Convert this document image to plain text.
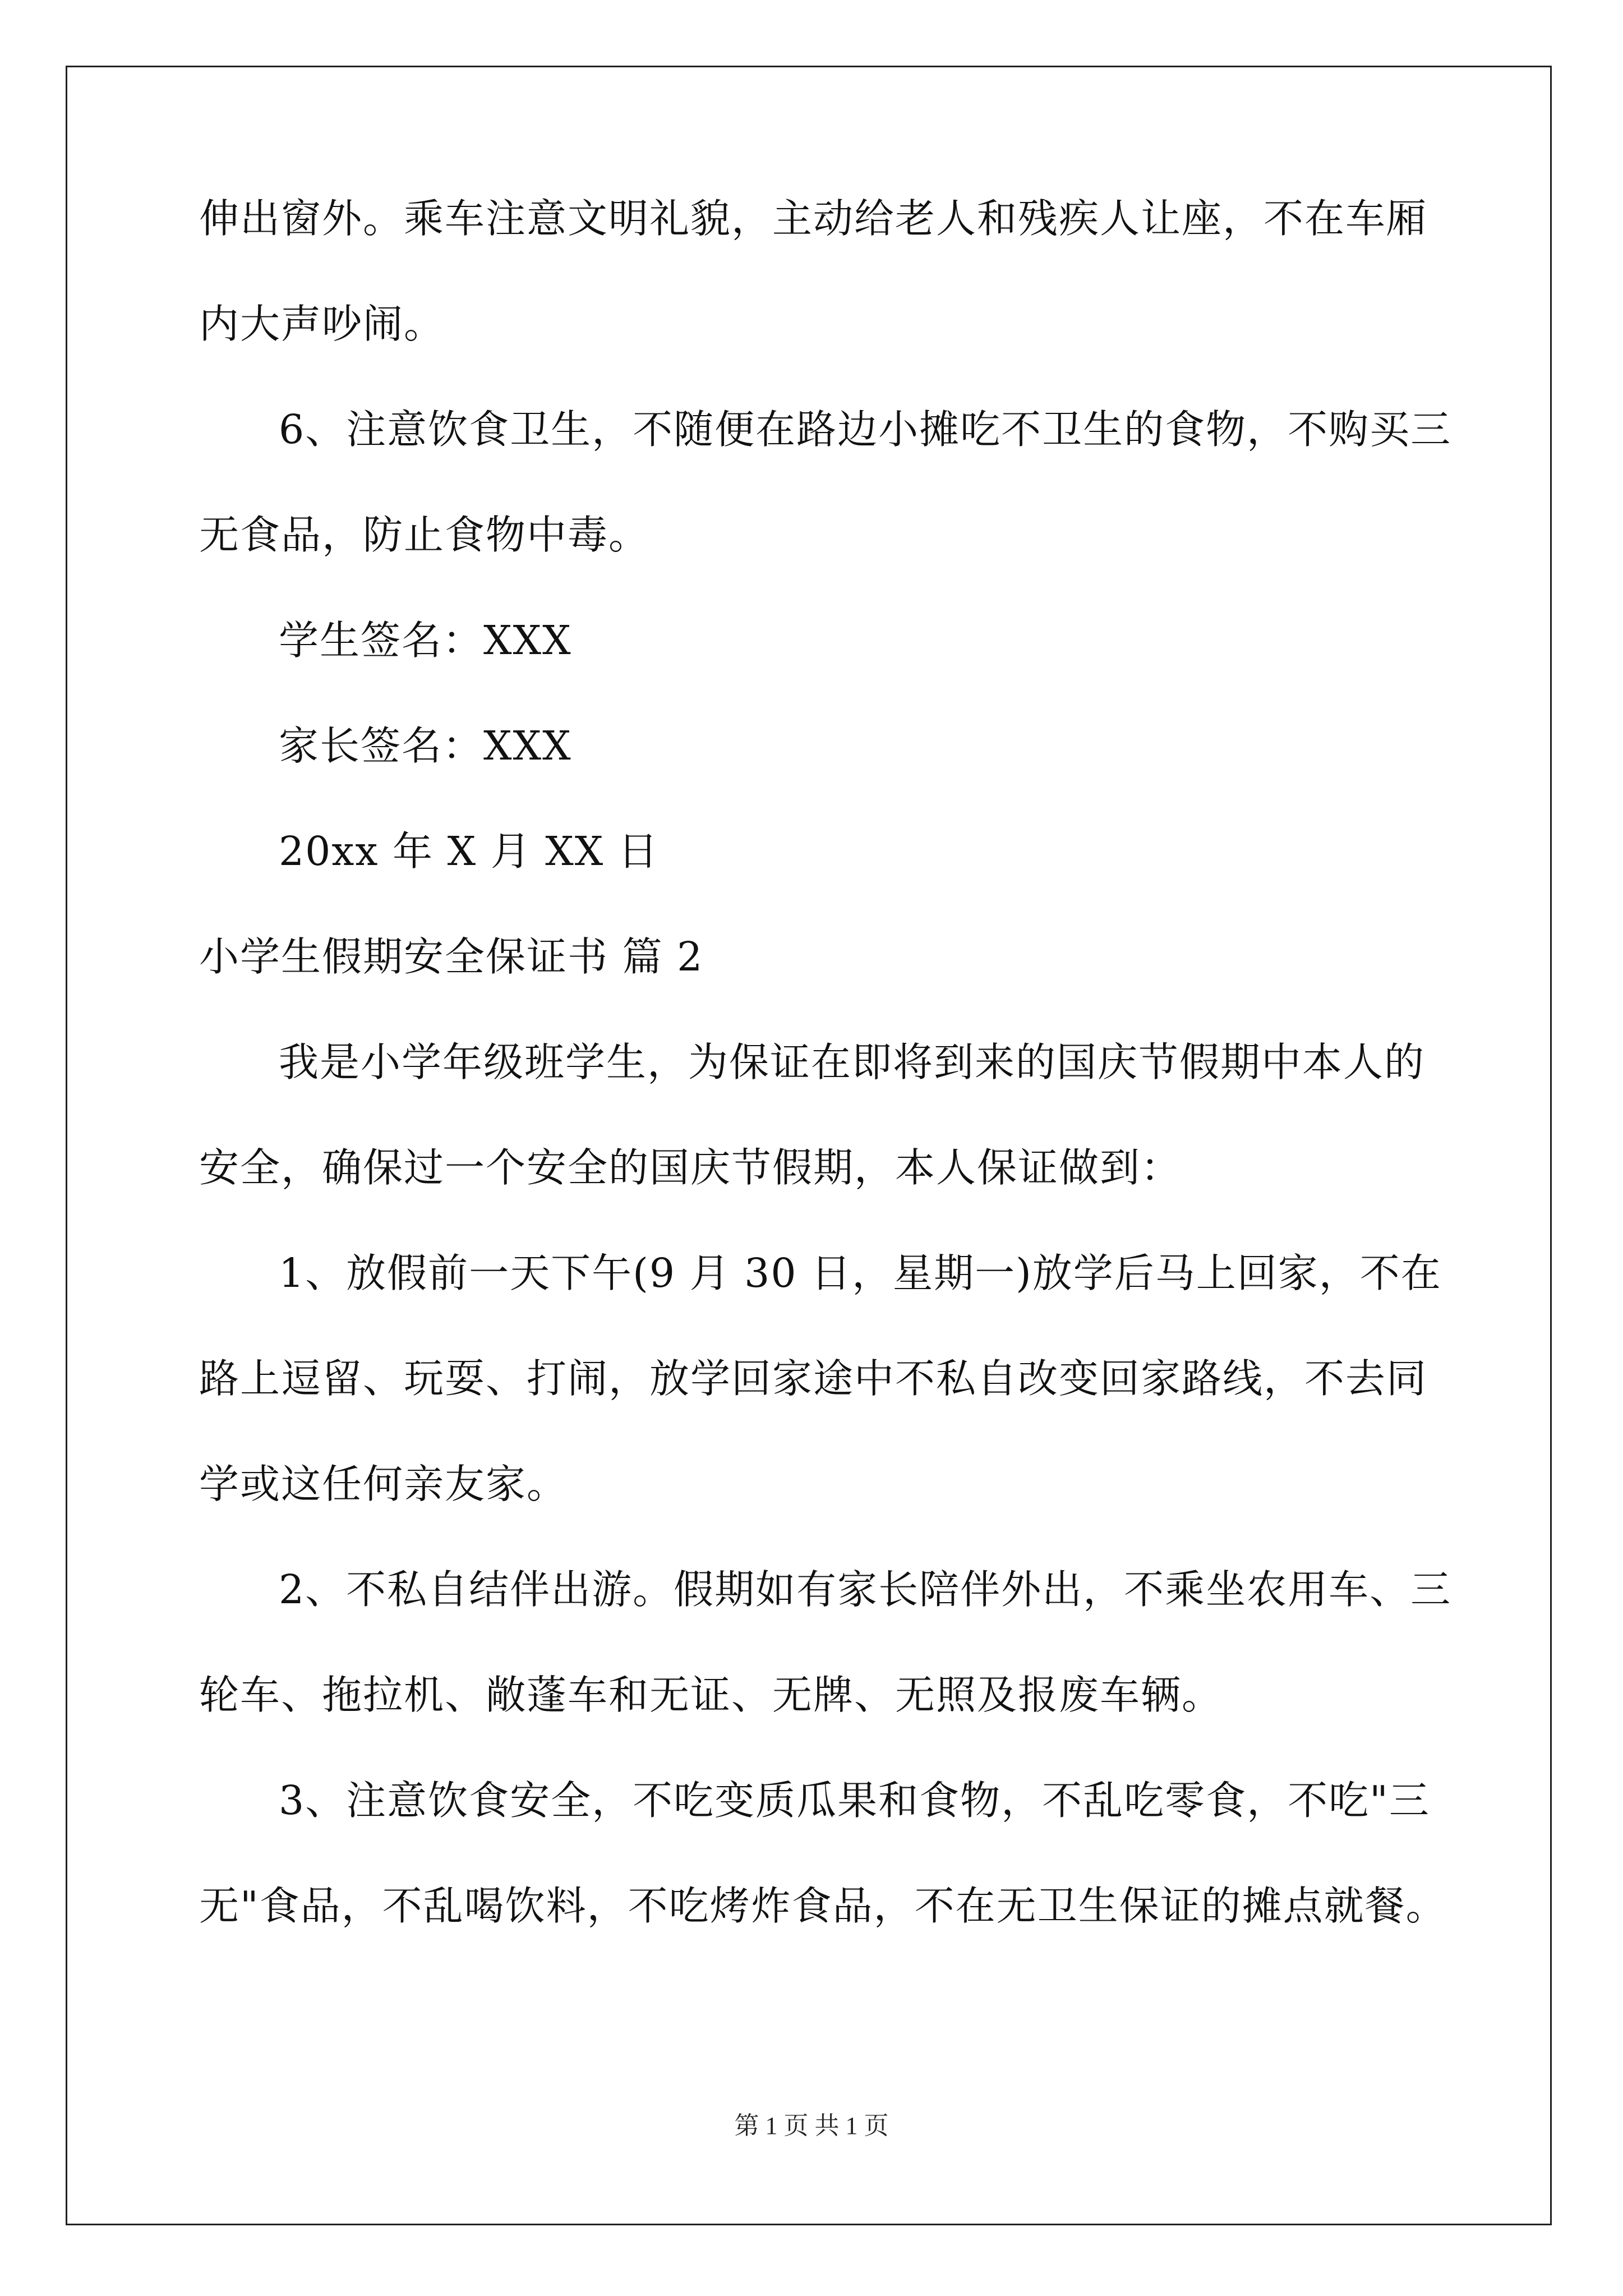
伸出窗外。乘车注意文明礼貌，主动给老人和残疾人让座，不在车厢
内大声吵闹。
6、注意饮食卫生，不随便在路边小摊吃不卫生的食物，不购买三
无食品，防止食物中毒。
学生签名：XXX
家长签名：XXX
20xx 年 X 月 XX 日
小学生假期安全保证书 篇 2
我是小学年级班学生，为保证在即将到来的国庆节假期中本人的
安全，确保过一个安全的国庆节假期，本人保证做到：
1、放假前一天下午(9 月 30 日，星期一)放学后马上回家，不在
路上逗留、玩耍、打闹，放学回家途中不私自改变回家路线，不去同
学或这任何亲友家。
2、不私自结伴出游。假期如有家长陪伴外出，不乘坐农用车、三
轮车、拖拉机、敞蓬车和无证、无牌、无照及报废车辆。
3、注意饮食安全，不吃变质瓜果和食物，不乱吃零食，不吃"三
无"食品，不乱喝饮料，不吃烤炸食品，不在无卫生保证的摊点就餐。
第 1 页 共 1 页
